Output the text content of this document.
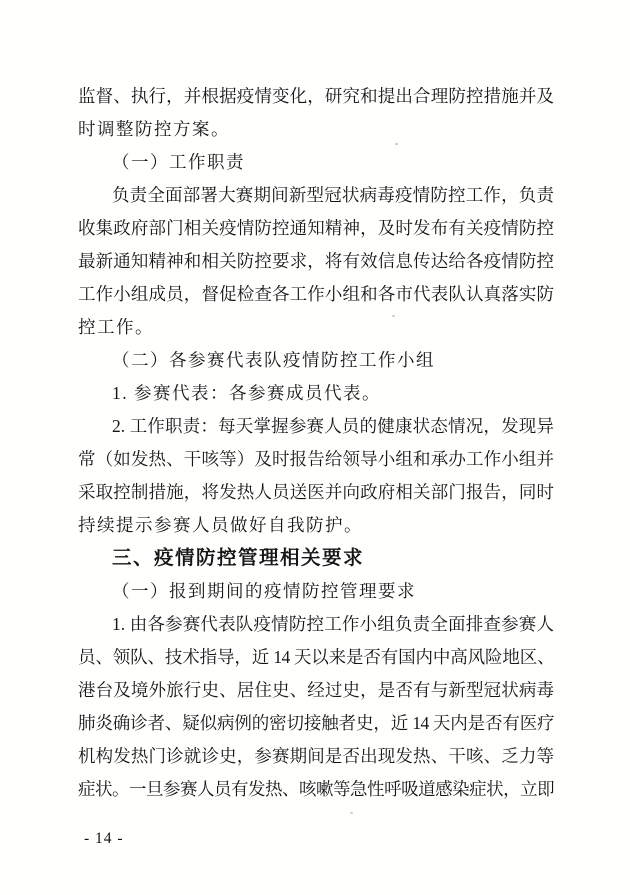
监督、执行，并根据疫情变化，研究和提出合理防控措施并及
时调整防控方案。
（一）工作职责
负责全面部署大赛期间新型冠状病毒疫情防控工作，负责
收集政府部门相关疫情防控通知精神，及时发布有关疫情防控
最新通知精神和相关防控要求，将有效信息传达给各疫情防控
工作小组成员，督促检查各工作小组和各市代表队认真落实防
控工作。
（二）各参赛代表队疫情防控工作小组
1. 参赛代表：各参赛成员代表。
2. 工作职责：每天掌握参赛人员的健康状态情况，发现异
常（如发热、干咳等）及时报告给领导小组和承办工作小组并
采取控制措施，将发热人员送医并向政府相关部门报告，同时
持续提示参赛人员做好自我防护。
三、疫情防控管理相关要求
（一）报到期间的疫情防控管理要求
1. 由各参赛代表队疫情防控工作小组负责全面排查参赛人
员、领队、技术指导，近 14 天以来是否有国内中高风险地区、
港台及境外旅行史、居住史、经过史，是否有与新型冠状病毒
肺炎确诊者、疑似病例的密切接触者史，近 14 天内是否有医疗
机构发热门诊就诊史，参赛期间是否出现发热、干咳、乏力等
症状。一旦参赛人员有发热、咳嗽等急性呼吸道感染症状，立即
- 14 -
